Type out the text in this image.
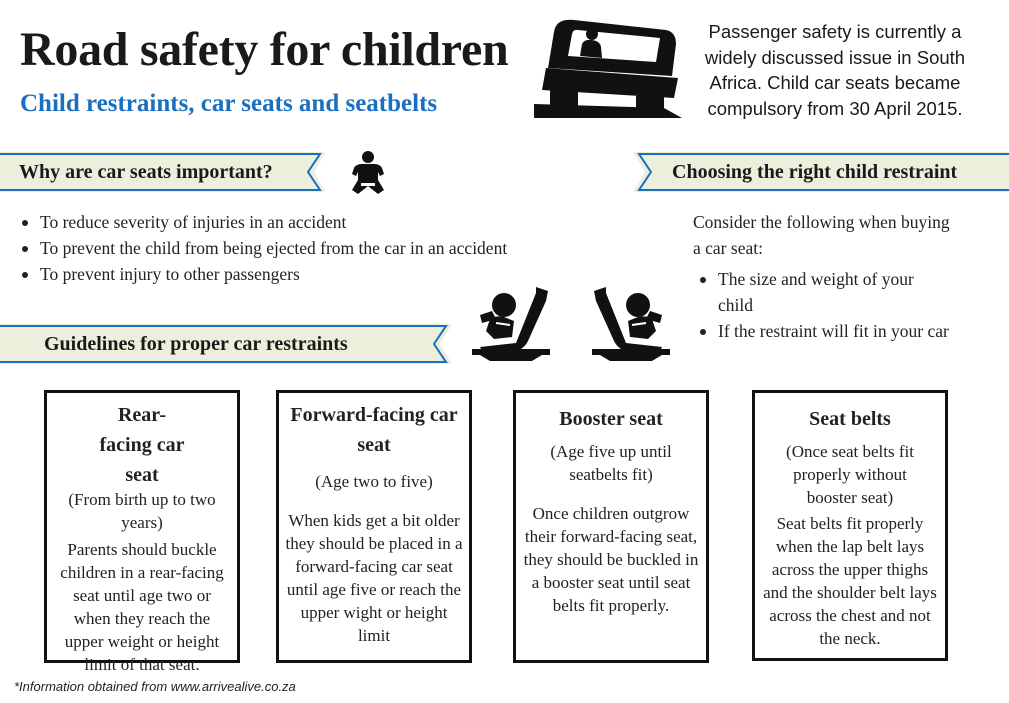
Road safety for children
Child restraints, car seats and seatbelts
Passenger safety is currently a widely discussed issue in South Africa. Child car seats became compulsory from 30 April 2015.
Why are car seats important?
To reduce severity of injuries in an accident
To prevent the child from being ejected from the car in an accident
To prevent injury to other passengers
Choosing the right child restraint
Consider the following when buying a car seat:
The size and weight of your child
If the restraint will fit in your car
Guidelines for proper car restraints
Rear-facing car seat
(From birth up to two years)
Parents should buckle children in a rear-facing seat until age two or when they reach the upper weight or height limit of that seat.
Forward-facing car seat
(Age two to five)
When kids get a bit older they should be placed in a forward-facing car seat until age five or reach the upper wight or height limit
Booster seat
(Age five up until seatbelts fit)
Once children outgrow their forward-facing seat, they should be buckled in a booster seat until seat belts fit properly.
Seat belts
(Once seat belts fit properly without booster seat)
Seat belts fit properly when the lap belt lays across the upper thighs and the shoulder belt lays across the chest and not the neck.
*Information obtained from www.arrivealive.co.za
